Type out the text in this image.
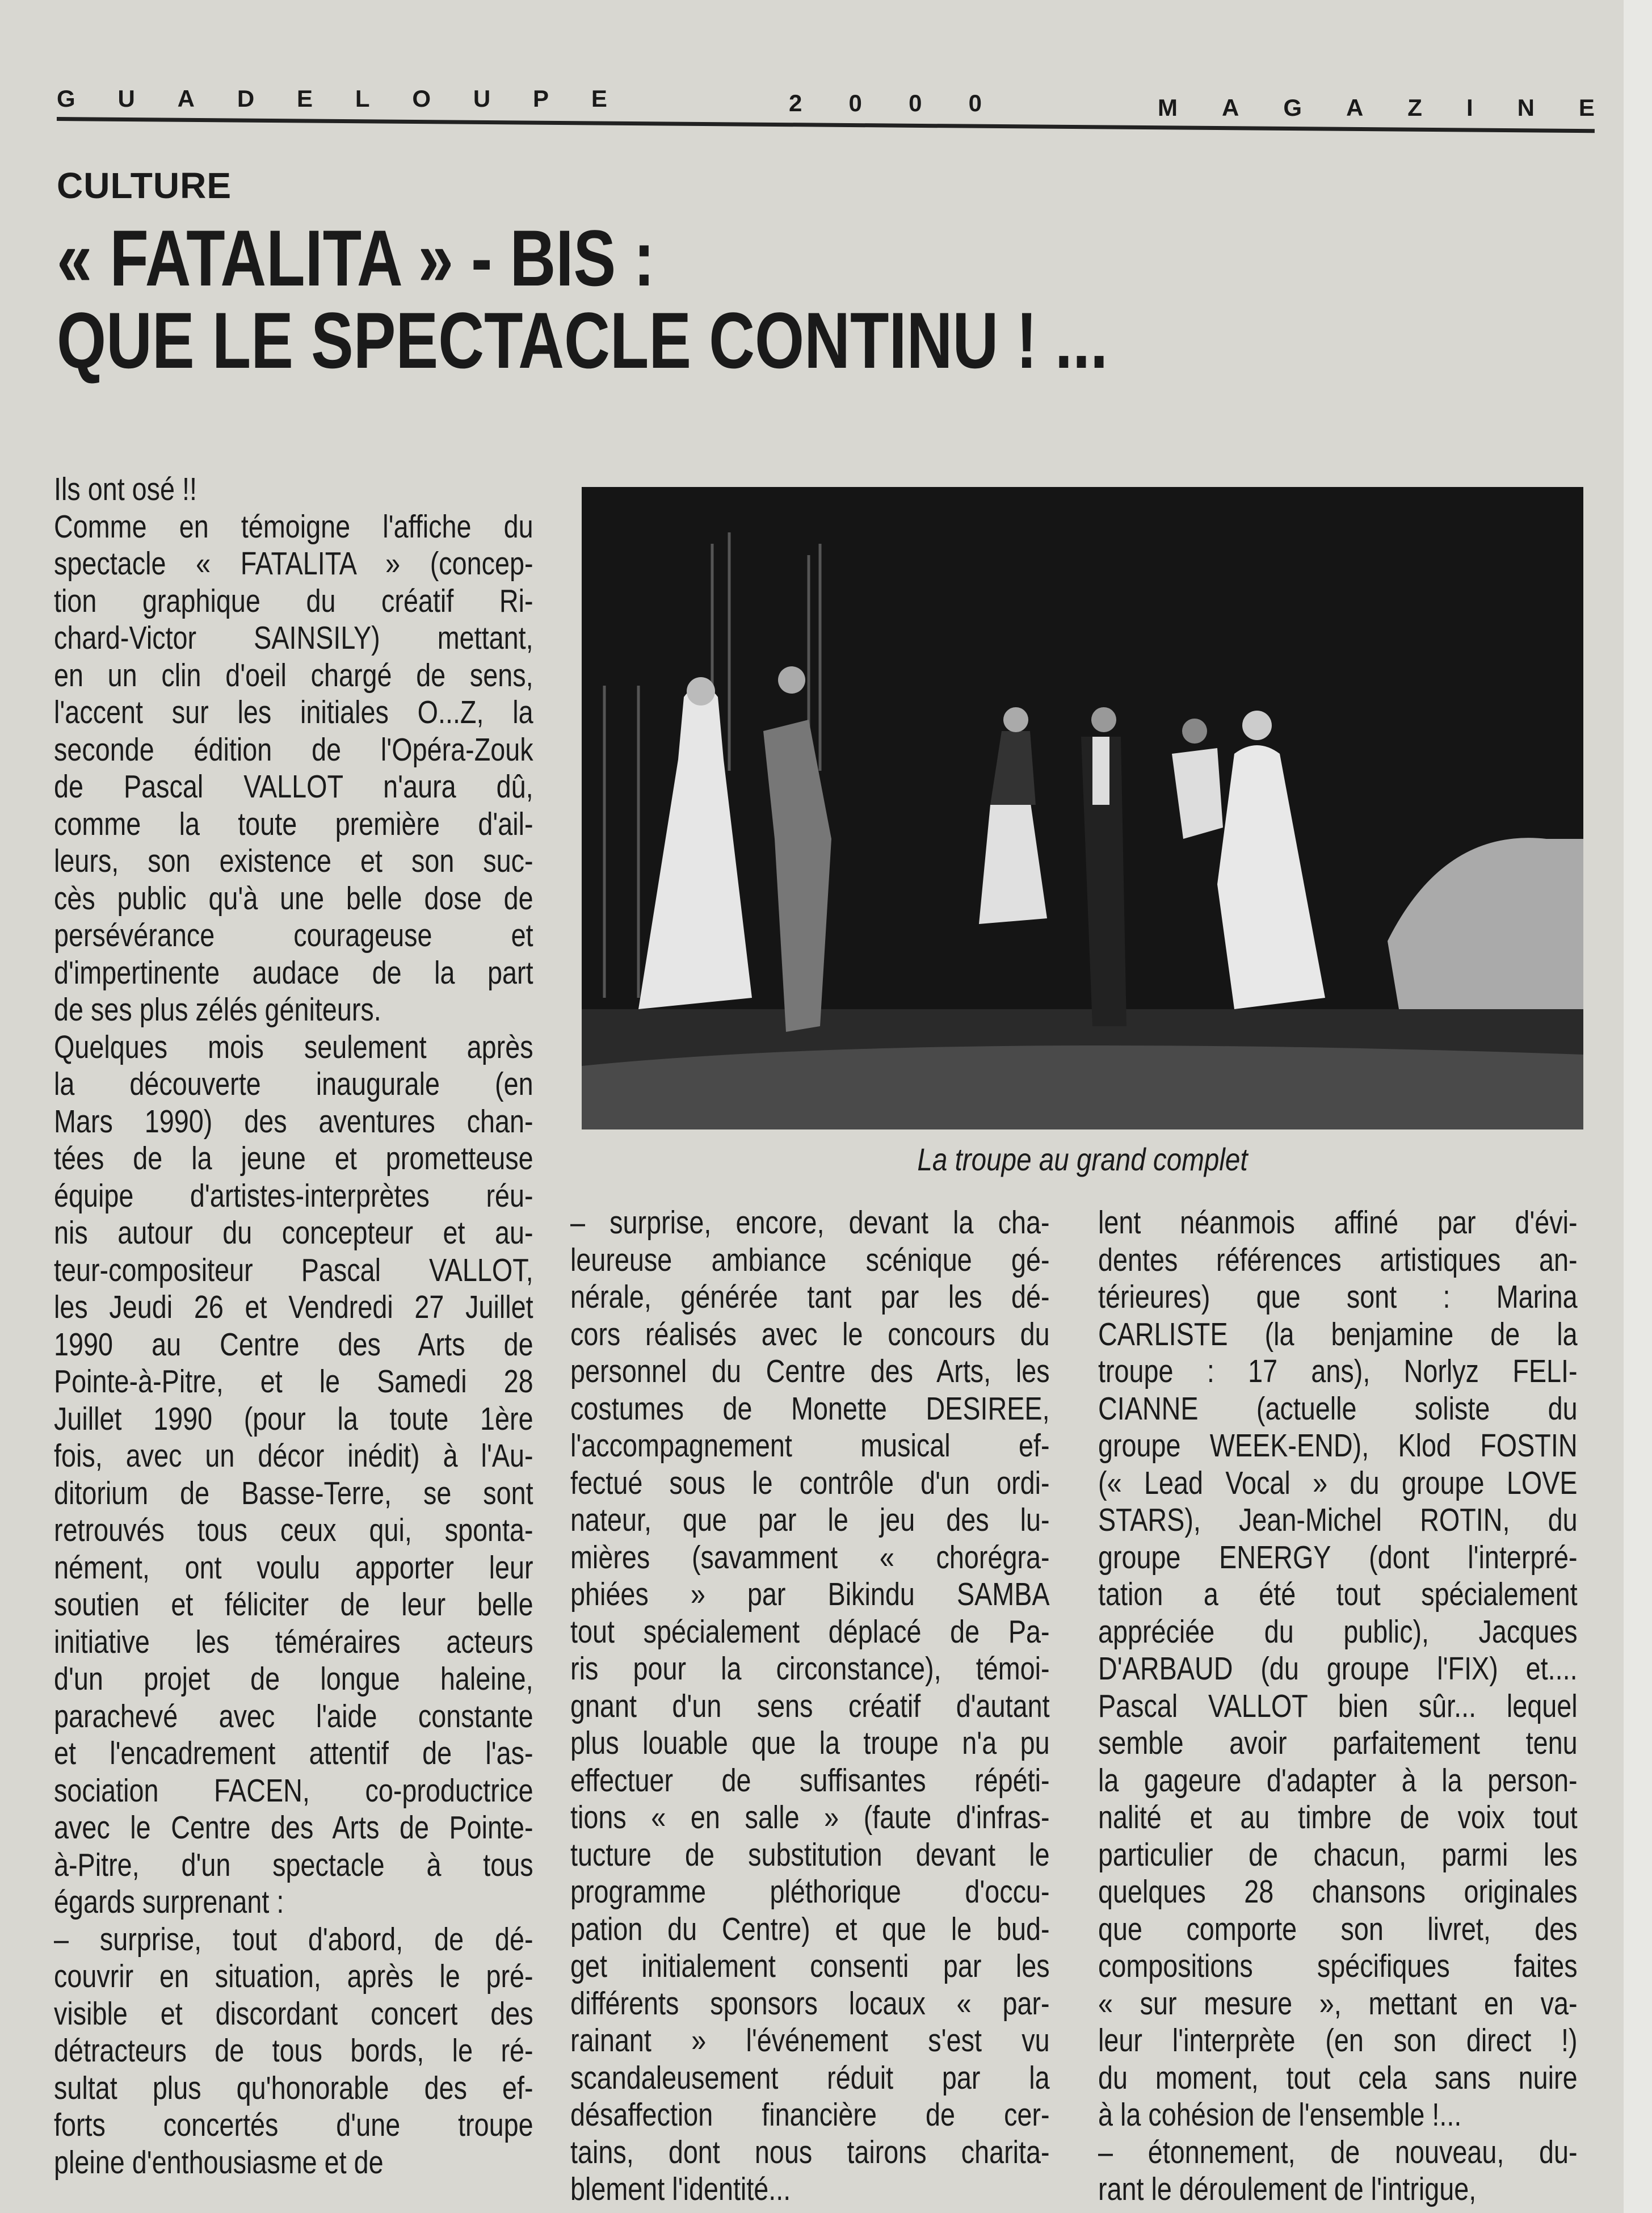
G U A D E L O U P E	2 0 0 0	M A G A Z I N E
CULTURE
« FATALITA » - BIS :
QUE LE SPECTACLE CONTINU ! ...
La troupe au grand complet
Ils ont osé !!
Comme en témoigne l'affiche du
spectacle « FATALITA » (concep-
tion graphique du créatif Ri-
chard-Victor SAINSILY) mettant,
en un clin d'oeil chargé de sens,
l'accent sur les initiales O...Z, la
seconde édition de l'Opéra-Zouk
de Pascal VALLOT n'aura dû,
comme la toute première d'ail-
leurs, son existence et son suc-
cès public qu'à une belle dose de
persévérance courageuse et
d'impertinente audace de la part
de ses plus zélés géniteurs.
Quelques mois seulement après
la découverte inaugurale (en
Mars 1990) des aventures chan-
tées de la jeune et prometteuse
équipe d'artistes-interprètes réu-
nis autour du concepteur et au-
teur-compositeur Pascal VALLOT,
les Jeudi 26 et Vendredi 27 Juillet
1990 au Centre des Arts de
Pointe-à-Pitre, et le Samedi 28
Juillet 1990 (pour la toute 1ère
fois, avec un décor inédit) à l'Au-
ditorium de Basse-Terre, se sont
retrouvés tous ceux qui, sponta-
nément, ont voulu apporter leur
soutien et féliciter de leur belle
initiative les téméraires acteurs
d'un projet de longue haleine,
parachevé avec l'aide constante
et l'encadrement attentif de l'as-
sociation FACEN, co-productrice
avec le Centre des Arts de Pointe-
à-Pitre, d'un spectacle à tous
égards surprenant :
– surprise, tout d'abord, de dé-
couvrir en situation, après le pré-
visible et discordant concert des
détracteurs de tous bords, le ré-
sultat plus qu'honorable des ef-
forts concertés d'une troupe
pleine d'enthousiasme et de
– surprise, encore, devant la cha-
leureuse ambiance scénique gé-
nérale, générée tant par les dé-
cors réalisés avec le concours du
personnel du Centre des Arts, les
costumes de Monette DESIREE,
l'accompagnement musical ef-
fectué sous le contrôle d'un ordi-
nateur, que par le jeu des lu-
mières (savamment « chorégra-
phiées » par Bikindu SAMBA
tout spécialement déplacé de Pa-
ris pour la circonstance), témoi-
gnant d'un sens créatif d'autant
plus louable que la troupe n'a pu
effectuer de suffisantes répéti-
tions « en salle » (faute d'infras-
tucture de substitution devant le
programme pléthorique d'occu-
pation du Centre) et que le bud-
get initialement consenti par les
différents sponsors locaux « par-
rainant » l'événement s'est vu
scandaleusement réduit par la
désaffection financière de cer-
tains, dont nous tairons charita-
blement l'identité...
lent néanmois affiné par d'évi-
dentes références artistiques an-
térieures) que sont : Marina
CARLISTE (la benjamine de la
troupe : 17 ans), Norlyz FELI-
CIANNE (actuelle soliste du
groupe WEEK-END), Klod FOSTIN
(« Lead Vocal » du groupe LOVE
STARS), Jean-Michel ROTIN, du
groupe ENERGY (dont l'interpré-
tation a été tout spécialement
appréciée du public), Jacques
D'ARBAUD (du groupe l'FIX) et....
Pascal VALLOT bien sûr... lequel
semble avoir parfaitement tenu
la gageure d'adapter à la person-
nalité et au timbre de voix tout
particulier de chacun, parmi les
quelques 28 chansons originales
que comporte son livret, des
compositions spécifiques faites
« sur mesure », mettant en va-
leur l'interprète (en son direct !)
du moment, tout cela sans nuire
à la cohésion de l'ensemble !...
– étonnement, de nouveau, du-
rant le déroulement de l'intrigue,
